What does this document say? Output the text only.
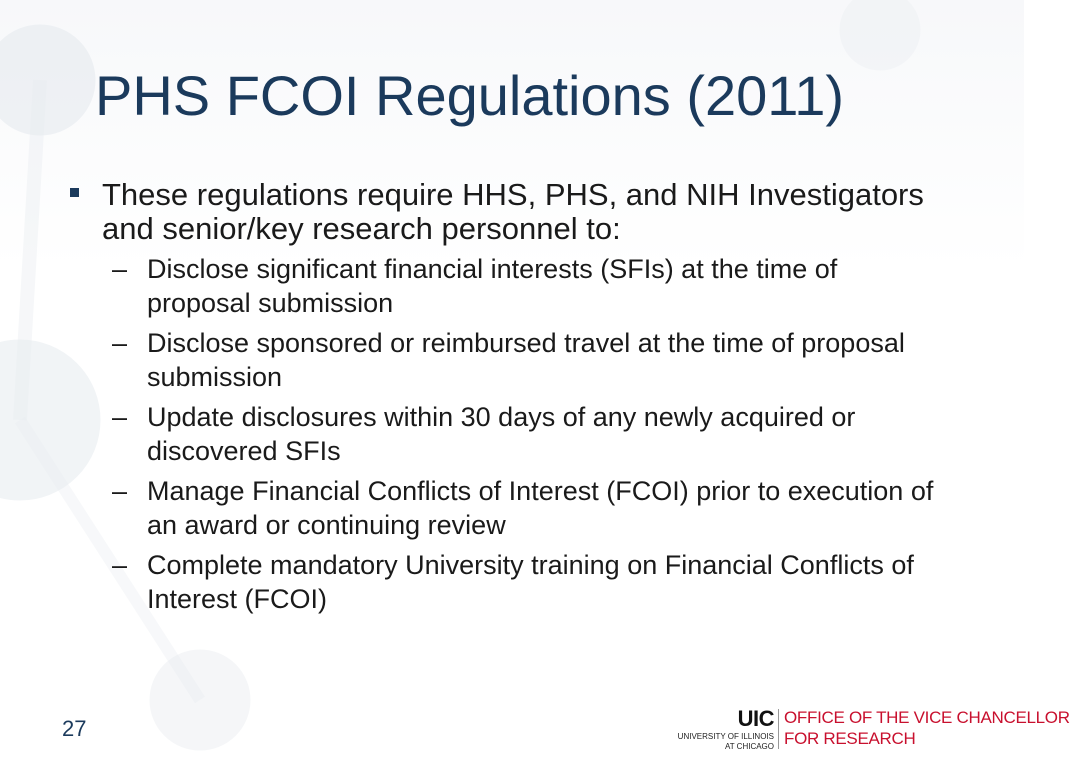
PHS FCOI Regulations (2011)
These regulations require HHS, PHS, and NIH Investigators and senior/key research personnel to:
– Disclose significant financial interests (SFIs) at the time of proposal submission
– Disclose sponsored or reimbursed travel at the time of proposal submission
– Update disclosures within 30 days of any newly acquired or discovered SFIs
– Manage Financial Conflicts of Interest (FCOI) prior to execution of an award or continuing review
– Complete mandatory University training on Financial Conflicts of Interest (FCOI)
27	UIC
UNIVERSITY OF ILLINOIS
AT CHICAGO
OFFICE OF THE VICE CHANCELLOR
FOR RESEARCH
